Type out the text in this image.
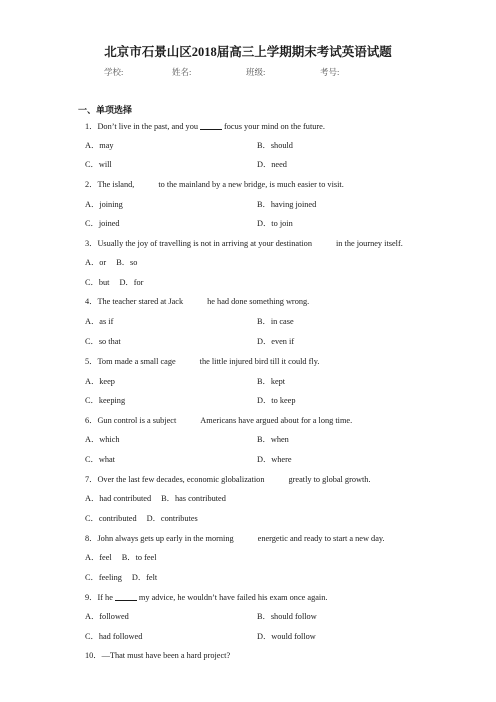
北京市石景山区2018届高三上学期期末考试英语试题
学校:	姓名:	班级:	考号:
一、单项选择
1．Don’t live in the past, and you	focus your mind on the future.
A．may	B．should
C．will	D．need
2．The island,	to the mainland by a new bridge, is much easier to visit.
A．joining	B．having joined
C．joined	D．to join
3．Usually the joy of travelling is not in arriving at your destination	in the journey itself.
A．or B．so
C．but D．for
4．The teacher stared at Jack	he had done something wrong.
A．as if	B．in case
C．so that	D．even if
5．Tom made a small cage	the little injured bird till it could fly.
A．keep	B．kept
C．keeping	D．to keep
6．Gun control is a subject	Americans have argued about for a long time.
A．which	B．when
C．what	D．where
7．Over the last few decades, economic globalization	greatly to global growth.
A．had contributed B．has contributed
C．contributed D．contributes
8．John always gets up early in the morning	energetic and ready to start a new day.
A．feel B．to feel
C．feeling D．felt
9．If he	my advice, he wouldn’t have failed his exam once again.
A．followed	B．should follow
C．had followed	D．would follow
10．—That must have been a hard project?
